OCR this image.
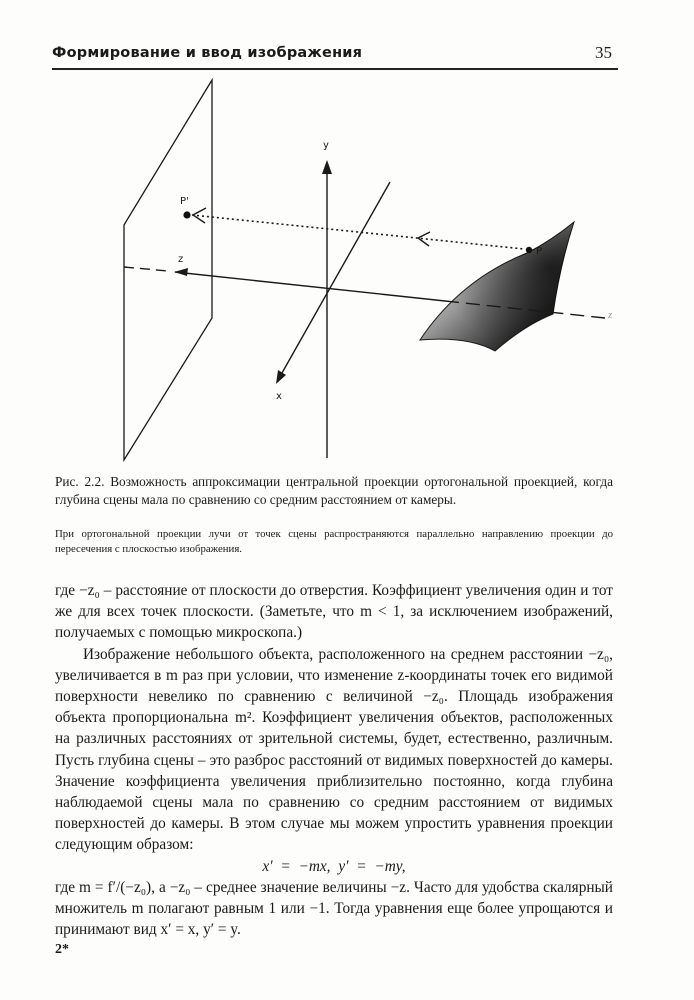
Формирование и ввод изображения	35
z
y
z
x
P'
P
Рис. 2.2. Возможность аппроксимации центральной проекции ортогональной проекцией, когда глубина сцены мала по сравнению со средним расстоянием от камеры.
При ортогональной проекции лучи от точек сцены распространяются параллельно направлению проекции до пересечения с плоскостью изображения.

где −z₀ – расстояние от плоскости до отверстия. Коэффициент увеличения один и тот же для всех точек плоскости. (Заметьте, что m < 1, за исключением изображений, получаемых с помощью микроскопа.)

Изображение небольшого объекта, расположенного на среднем расстоянии −z₀, увеличивается в m раз при условии, что изменение z-координаты точек его видимой поверхности невелико по сравнению с величиной −z₀. Площадь изображения объекта пропорциональна m². Коэффициент увеличения объектов, расположенных на различных расстояниях от зрительной системы, будет, естественно, различным. Пусть глубина сцены – это разброс расстояний от видимых поверхностей до камеры. Значение коэффициента увеличения приблизительно постоянно, когда глубина наблюдаемой сцены мала по сравнению со средним расстоянием от видимых поверхностей до камеры. В этом случае мы можем упростить уравнения проекции следующим образом:

x′ = −mx, y′ = −my,

где m = f′/(−z₀), а −z₀ – среднее значение величины −z. Часто для удобства скалярный множитель m полагают равным 1 или −1. Тогда уравнения еще более упрощаются и принимают вид x′ = x, y′ = y.

2*
